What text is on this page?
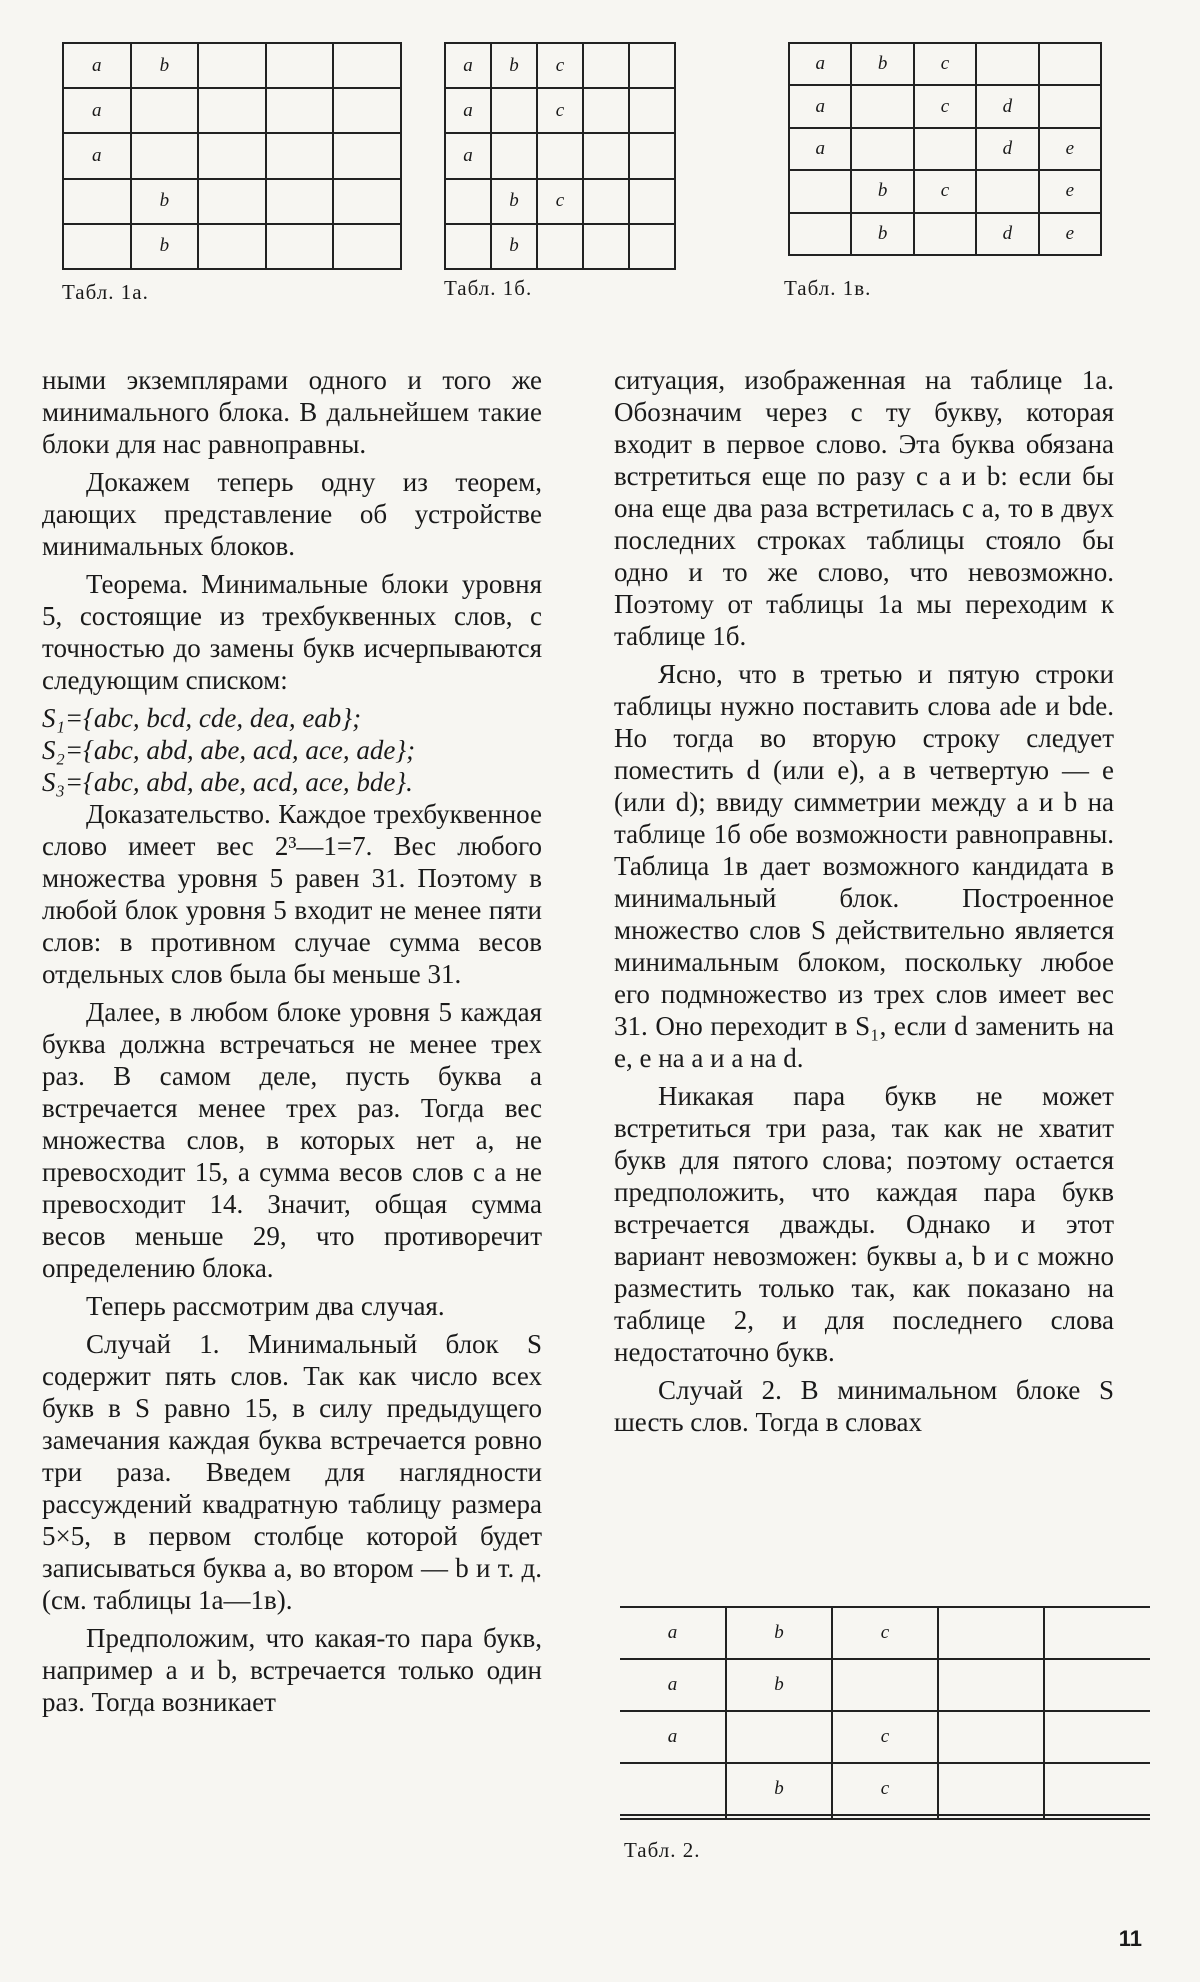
a	b			
a				
a				
	b			
	b			
Табл. 1а.
a	b	c		
a		c		
a				
	b	c		
	b			
Табл. 1б.
a	b	c		
a		c	d	
a			d	e
	b	c		e
	b		d	e
Табл. 1в.

ными экземплярами одного и того же минимального блока. В дальнейшем такие блоки для нас равноправны.

Докажем теперь одну из теорем, дающих представление об устройстве минимальных блоков.

Теорема. Минимальные блоки уровня 5, состоящие из трехбуквенных слов, с точностью до замены букв исчерпываются следующим списком:

S₁={abc, bcd, cde, dea, eab};

S₂={abc, abd, abe, acd, ace, ade};

S₃={abc, abd, abe, acd, ace, bde}.

Доказательство. Каждое трехбуквенное слово имеет вес 2³—1=7. Вес любого множества уровня 5 равен 31. Поэтому в любой блок уровня 5 входит не менее пяти слов: в противном случае сумма весов отдельных слов была бы меньше 31.

Далее, в любом блоке уровня 5 каждая буква должна встречаться не менее трех раз. В самом деле, пусть буква а встречается менее трех раз. Тогда вес множества слов, в которых нет а, не превосходит 15, а сумма весов слов с а не превосходит 14. Значит, общая сумма весов меньше 29, что противоречит определению блока.

Теперь рассмотрим два случая.

Случай 1. Минимальный блок S содержит пять слов. Так как число всех букв в S равно 15, в силу предыдущего замечания каждая буква встречается ровно три раза. Введем для наглядности рассуждений квадратную таблицу размера 5×5, в первом столбце которой будет записываться буква а, во втором — b и т. д. (см. таблицы 1а—1в).

Предположим, что какая-то пара букв, например а и b, встречается только один раз. Тогда возникает

ситуация, изображенная на таблице 1а. Обозначим через с ту букву, которая входит в первое слово. Эта буква обязана встретиться еще по разу с а и b: если бы она еще два раза встретилась с а, то в двух последних строках таблицы стояло бы одно и то же слово, что невозможно. Поэтому от таблицы 1а мы переходим к таблице 1б.

Ясно, что в третью и пятую строки таблицы нужно поставить слова ade и bde. Но тогда во вторую строку следует поместить d (или е), а в четвертую — е (или d); ввиду симметрии между а и b на таблице 1б обе возможности равноправны. Таблица 1в дает возможного кандидата в минимальный блок. Построенное множество слов S действительно является минимальным блоком, поскольку любое его подмножество из трех слов имеет вес 31. Оно переходит в S₁, если d заменить на е, е на а и а на d.

Никакая пара букв не может встретиться три раза, так как не хватит букв для пятого слова; поэтому остается предположить, что каждая пара букв встречается дважды. Однако и этот вариант невозможен: буквы а, b и с можно разместить только так, как показано на таблице 2, и для последнего слова недостаточно букв.

Случай 2. В минимальном блоке S шесть слов. Тогда в словах

a	b	c		
a	b			
a		c		
	b	c		

Табл. 2.
11
